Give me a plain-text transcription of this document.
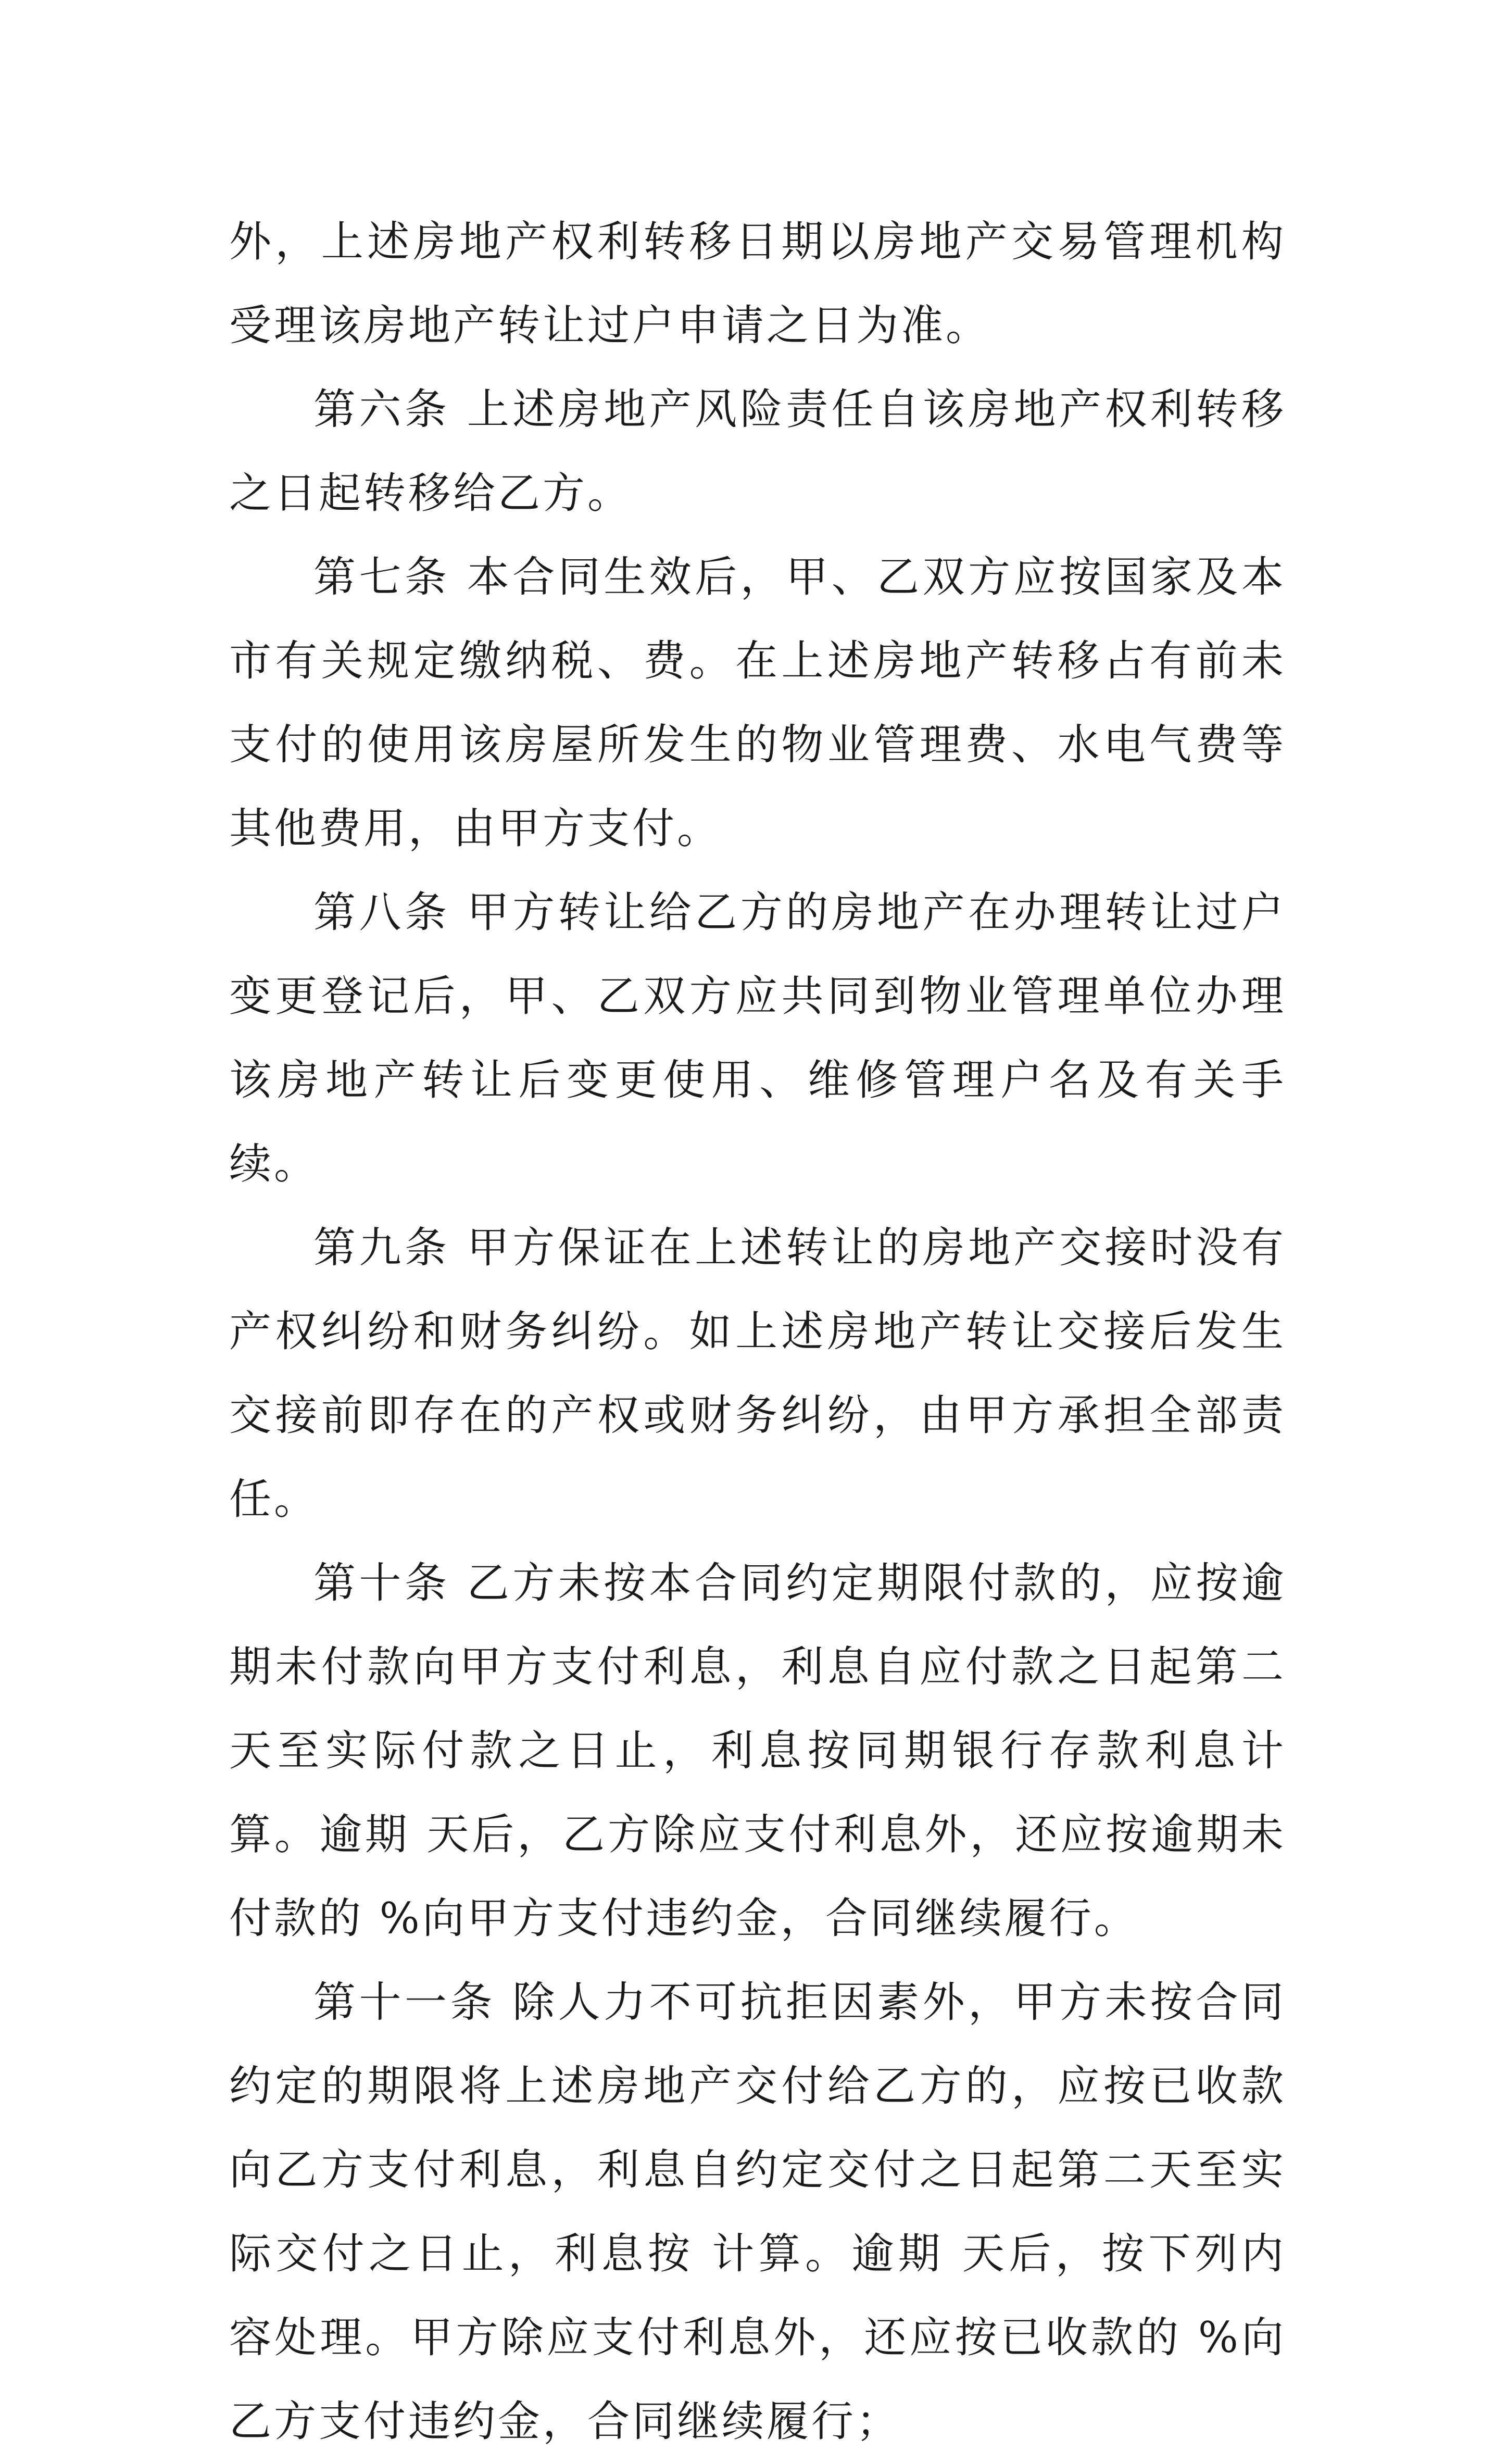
外，上述房地产权利转移日期以房地产交易管理机构受理该房地产转让过户申请之日为准。

第六条 上述房地产风险责任自该房地产权利转移之日起转移给乙方。

第七条 本合同生效后，甲、乙双方应按国家及本市有关规定缴纳税、费。在上述房地产转移占有前未支付的使用该房屋所发生的物业管理费、水电气费等其他费用，由甲方支付。

第八条 甲方转让给乙方的房地产在办理转让过户变更登记后，甲、乙双方应共同到物业管理单位办理该房地产转让后变更使用、维修管理户名及有关手续。

第九条 甲方保证在上述转让的房地产交接时没有产权纠纷和财务纠纷。如上述房地产转让交接后发生交接前即存在的产权或财务纠纷，由甲方承担全部责任。

第十条 乙方未按本合同约定期限付款的，应按逾期未付款向甲方支付利息，利息自应付款之日起第二天至实际付款之日止，利息按同期银行存款利息计算。逾期 天后，乙方除应支付利息外，还应按逾期未付款的 %向甲方支付违约金，合同继续履行。

第十一条 除人力不可抗拒因素外，甲方未按合同约定的期限将上述房地产交付给乙方的，应按已收款向乙方支付利息，利息自约定交付之日起第二天至实际交付之日止，利息按 计算。逾期 天后，按下列内容处理。甲方除应支付利息外，还应按已收款的 %向乙方支付违约金，合同继续履行；
